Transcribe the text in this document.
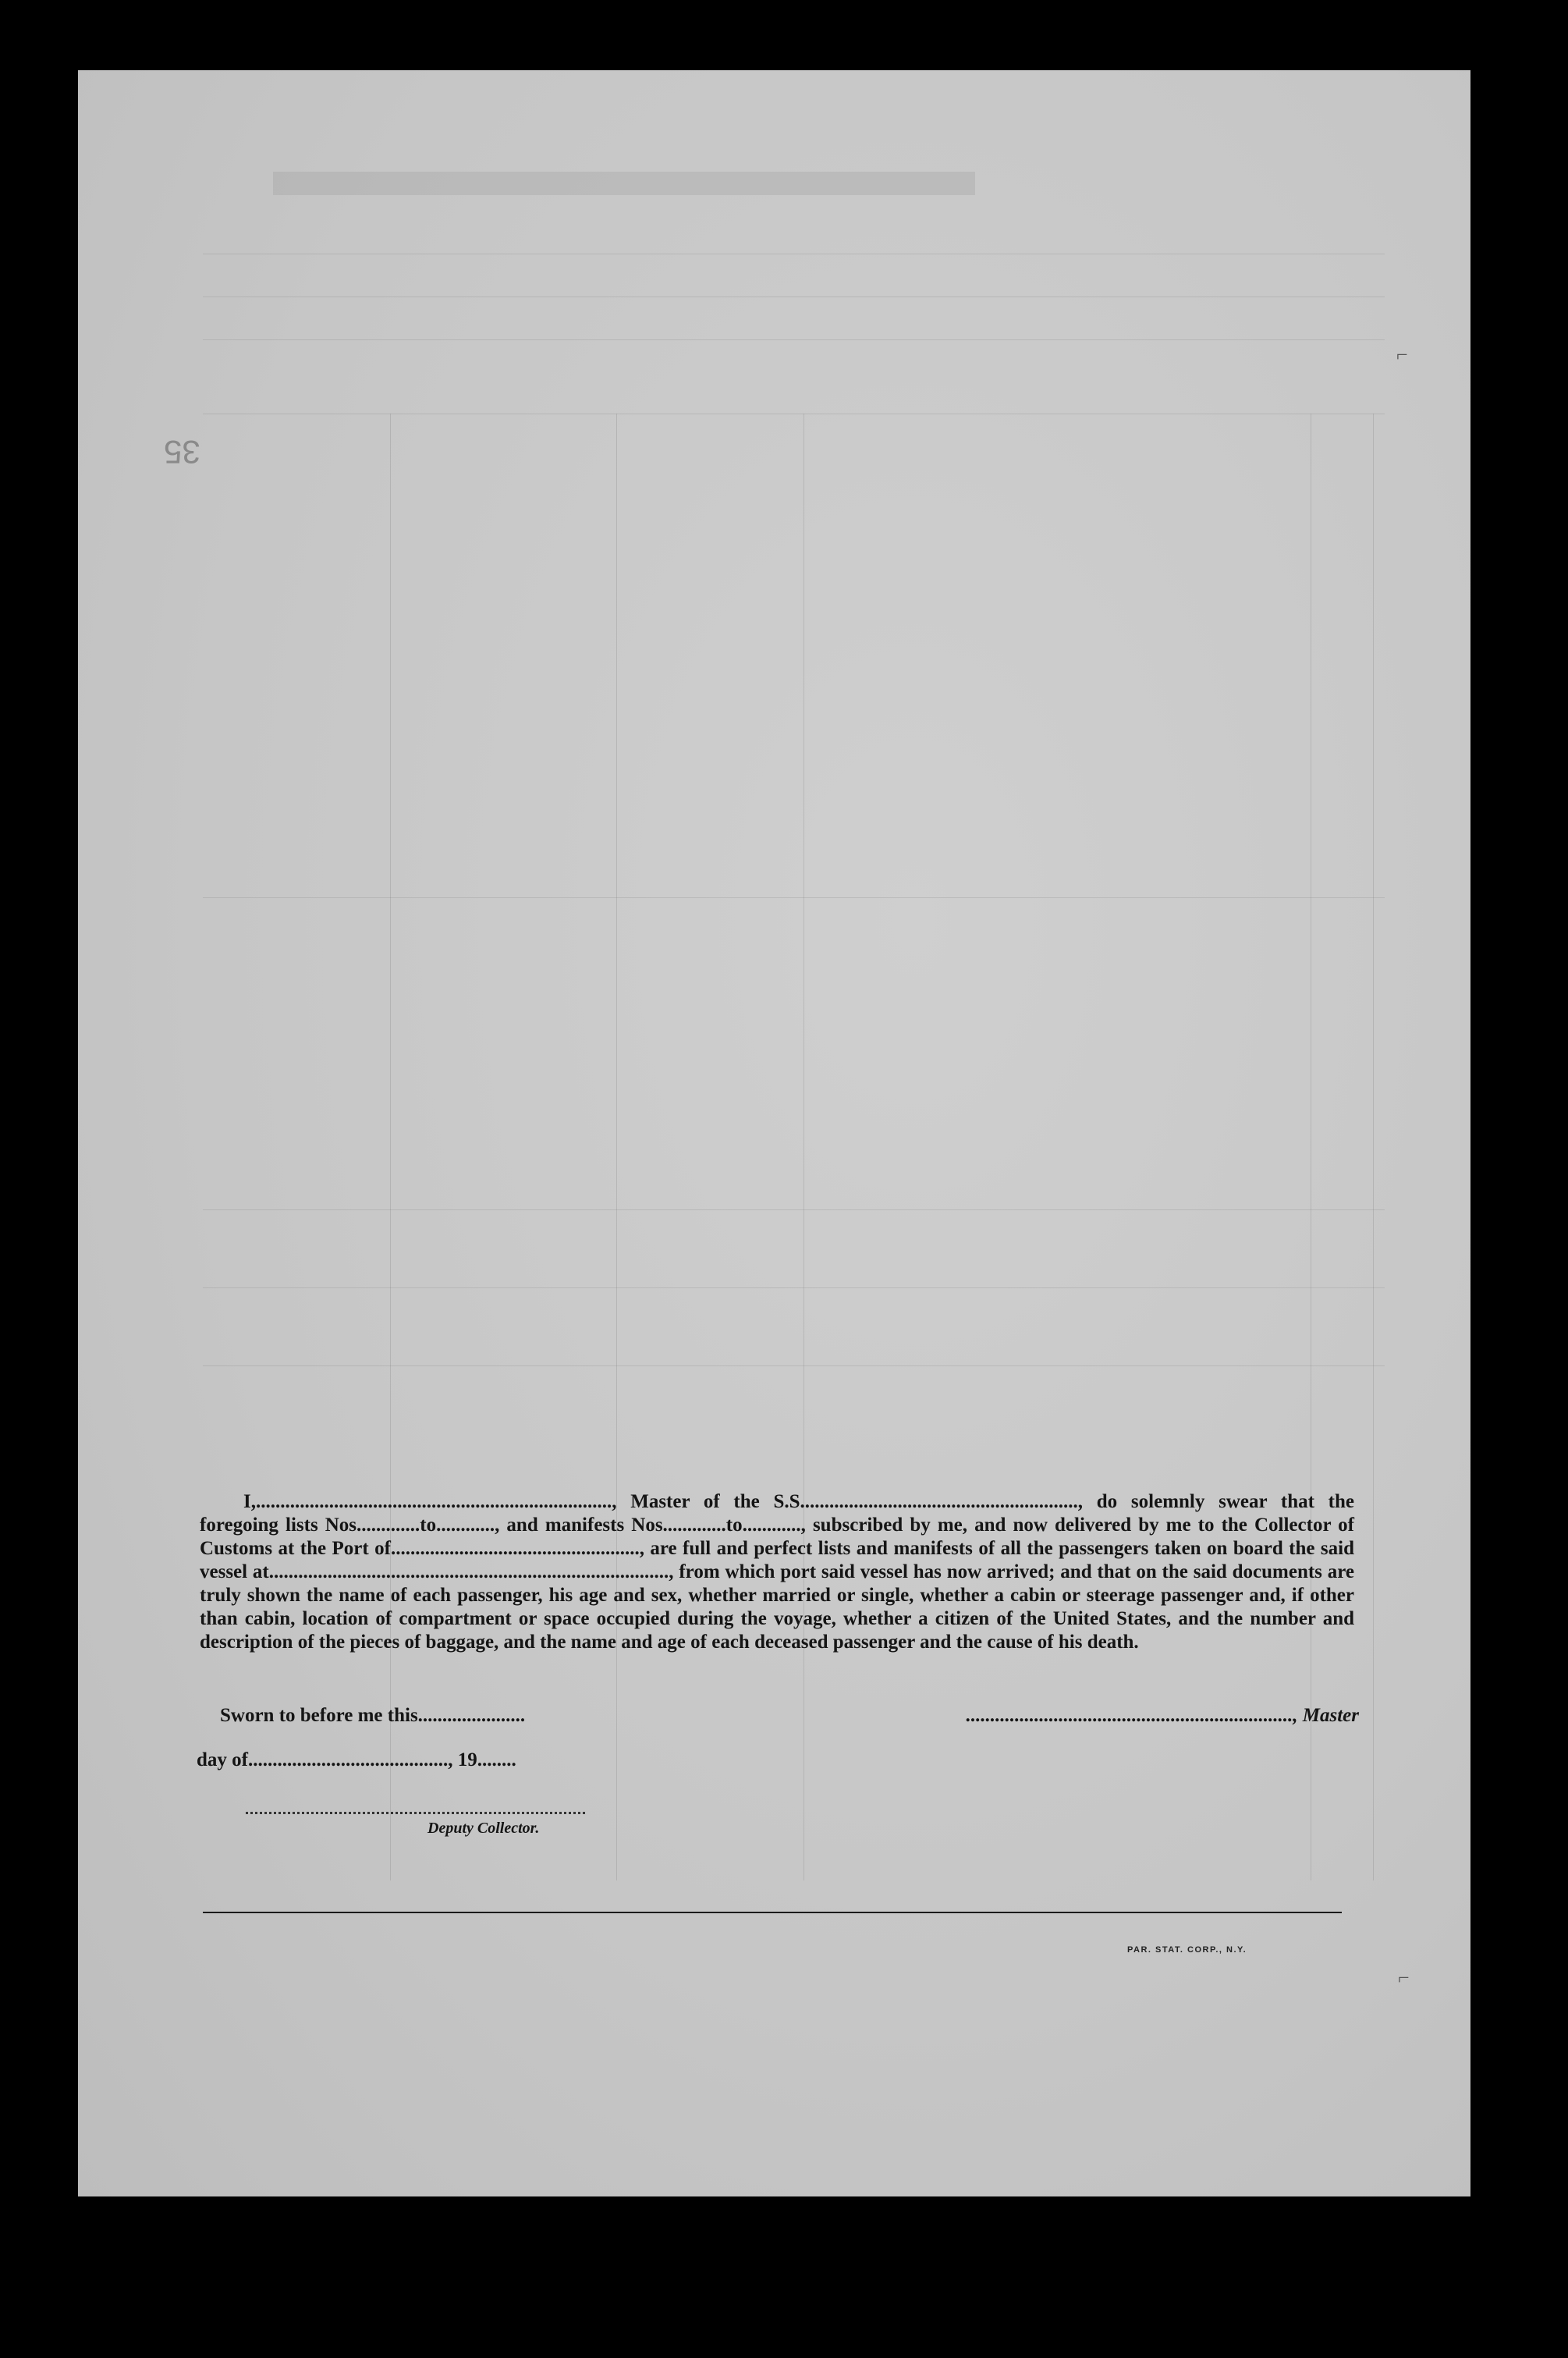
35

I,........................................................................., Master of the S.S........................................................., do solemnly swear that the foregoing lists Nos.............to............, and manifests Nos.............to............, subscribed by me, and now delivered by me to the Collector of Customs at the Port of..................................................., are full and perfect lists and manifests of all the passengers taken on board the said vessel at.................................................................................., from which port said vessel has now arrived; and that on the said documents are truly shown the name of each passenger, his age and sex, whether married or single, whether a cabin or steerage passenger and, if other than cabin, location of compartment or space occupied during the voyage, whether a citizen of the United States, and the number and description of the pieces of baggage, and the name and age of each deceased passenger and the cause of his death.

Sworn to before me this......................
day of........................................., 19........
..................................................................., Master
Deputy Collector.
PAR. STAT. CORP., N.Y.
⌐
⌐
